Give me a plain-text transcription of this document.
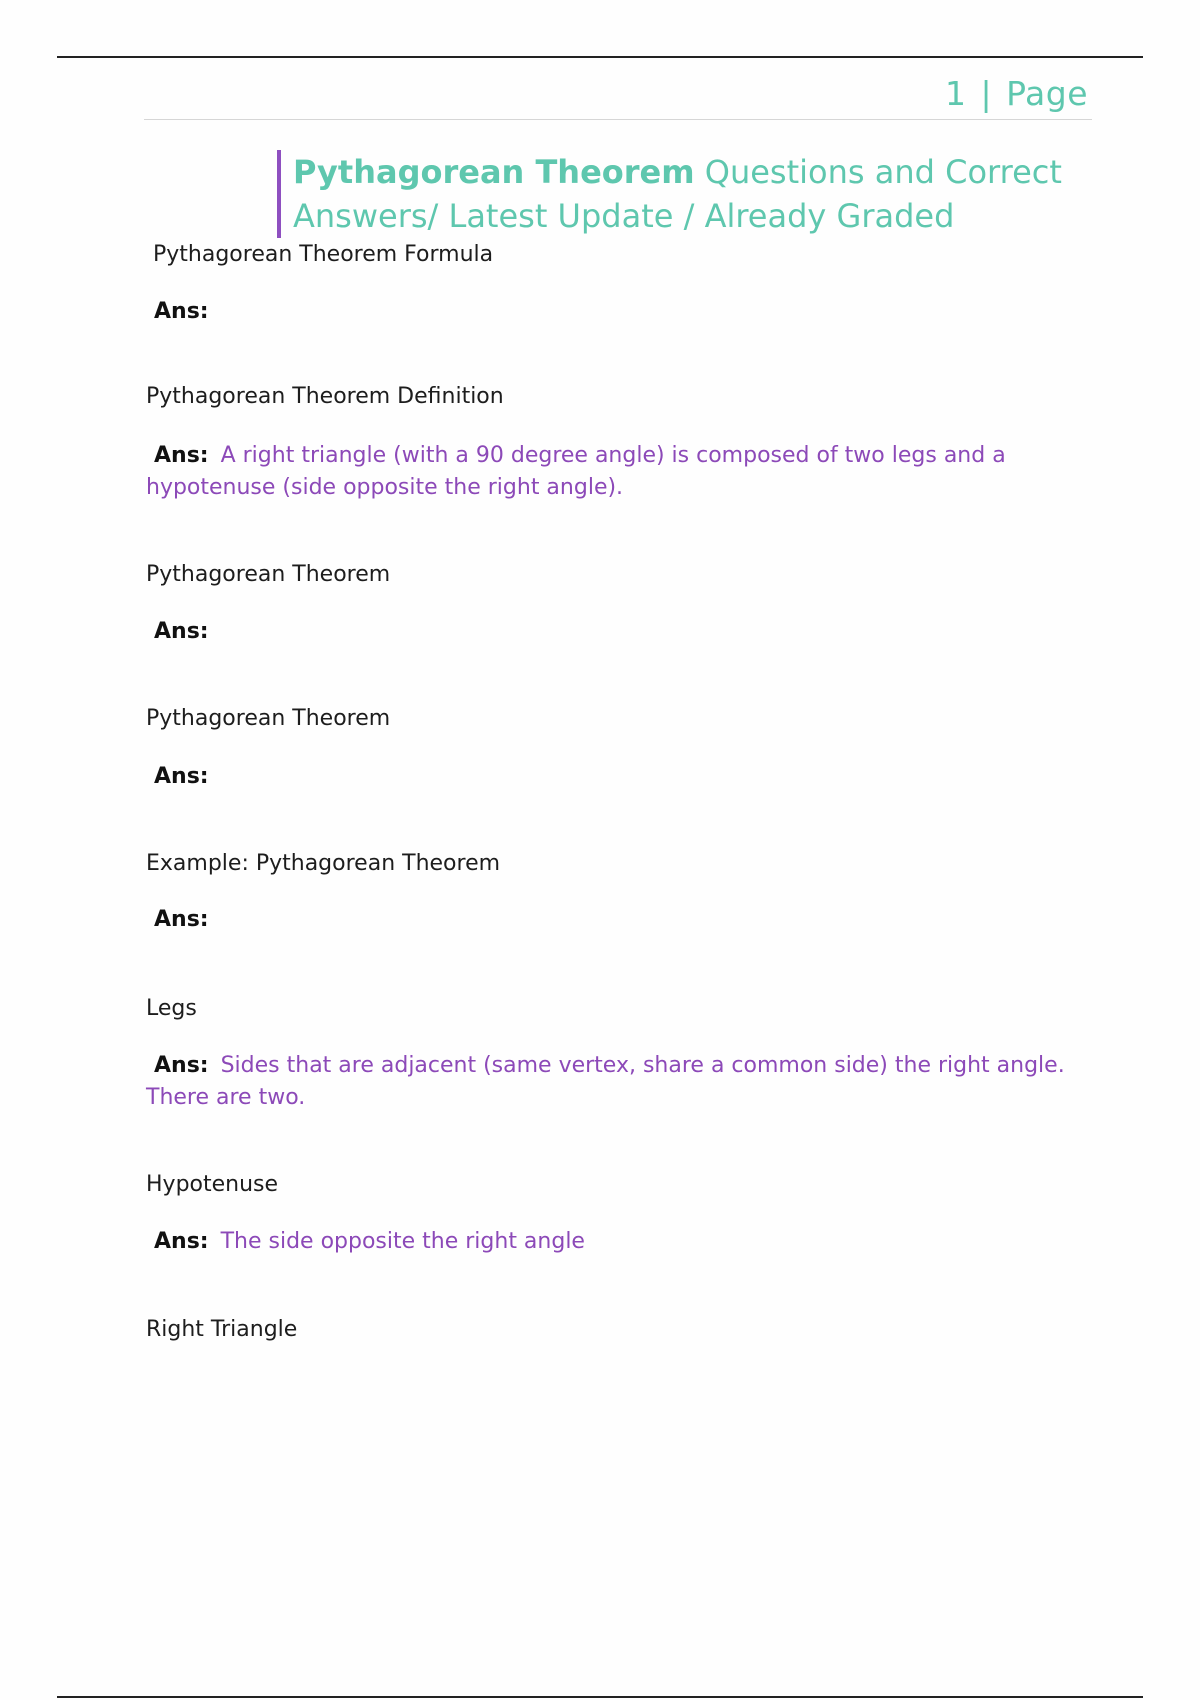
1 | Page
Pythagorean Theorem Questions and Correct
Answers/ Latest Update / Already Graded
Pythagorean Theorem Formula
Ans:
Pythagorean Theorem Definition
Ans: A right triangle (with a 90 degree angle) is composed of two legs and a hypotenuse (side opposite the right angle).
Pythagorean Theorem
Ans:
Pythagorean Theorem
Ans:
Example: Pythagorean Theorem
Ans:
Legs
Ans: Sides that are adjacent (same vertex, share a common side) the right angle. There are two.
Hypotenuse
Ans: The side opposite the right angle
Right Triangle
